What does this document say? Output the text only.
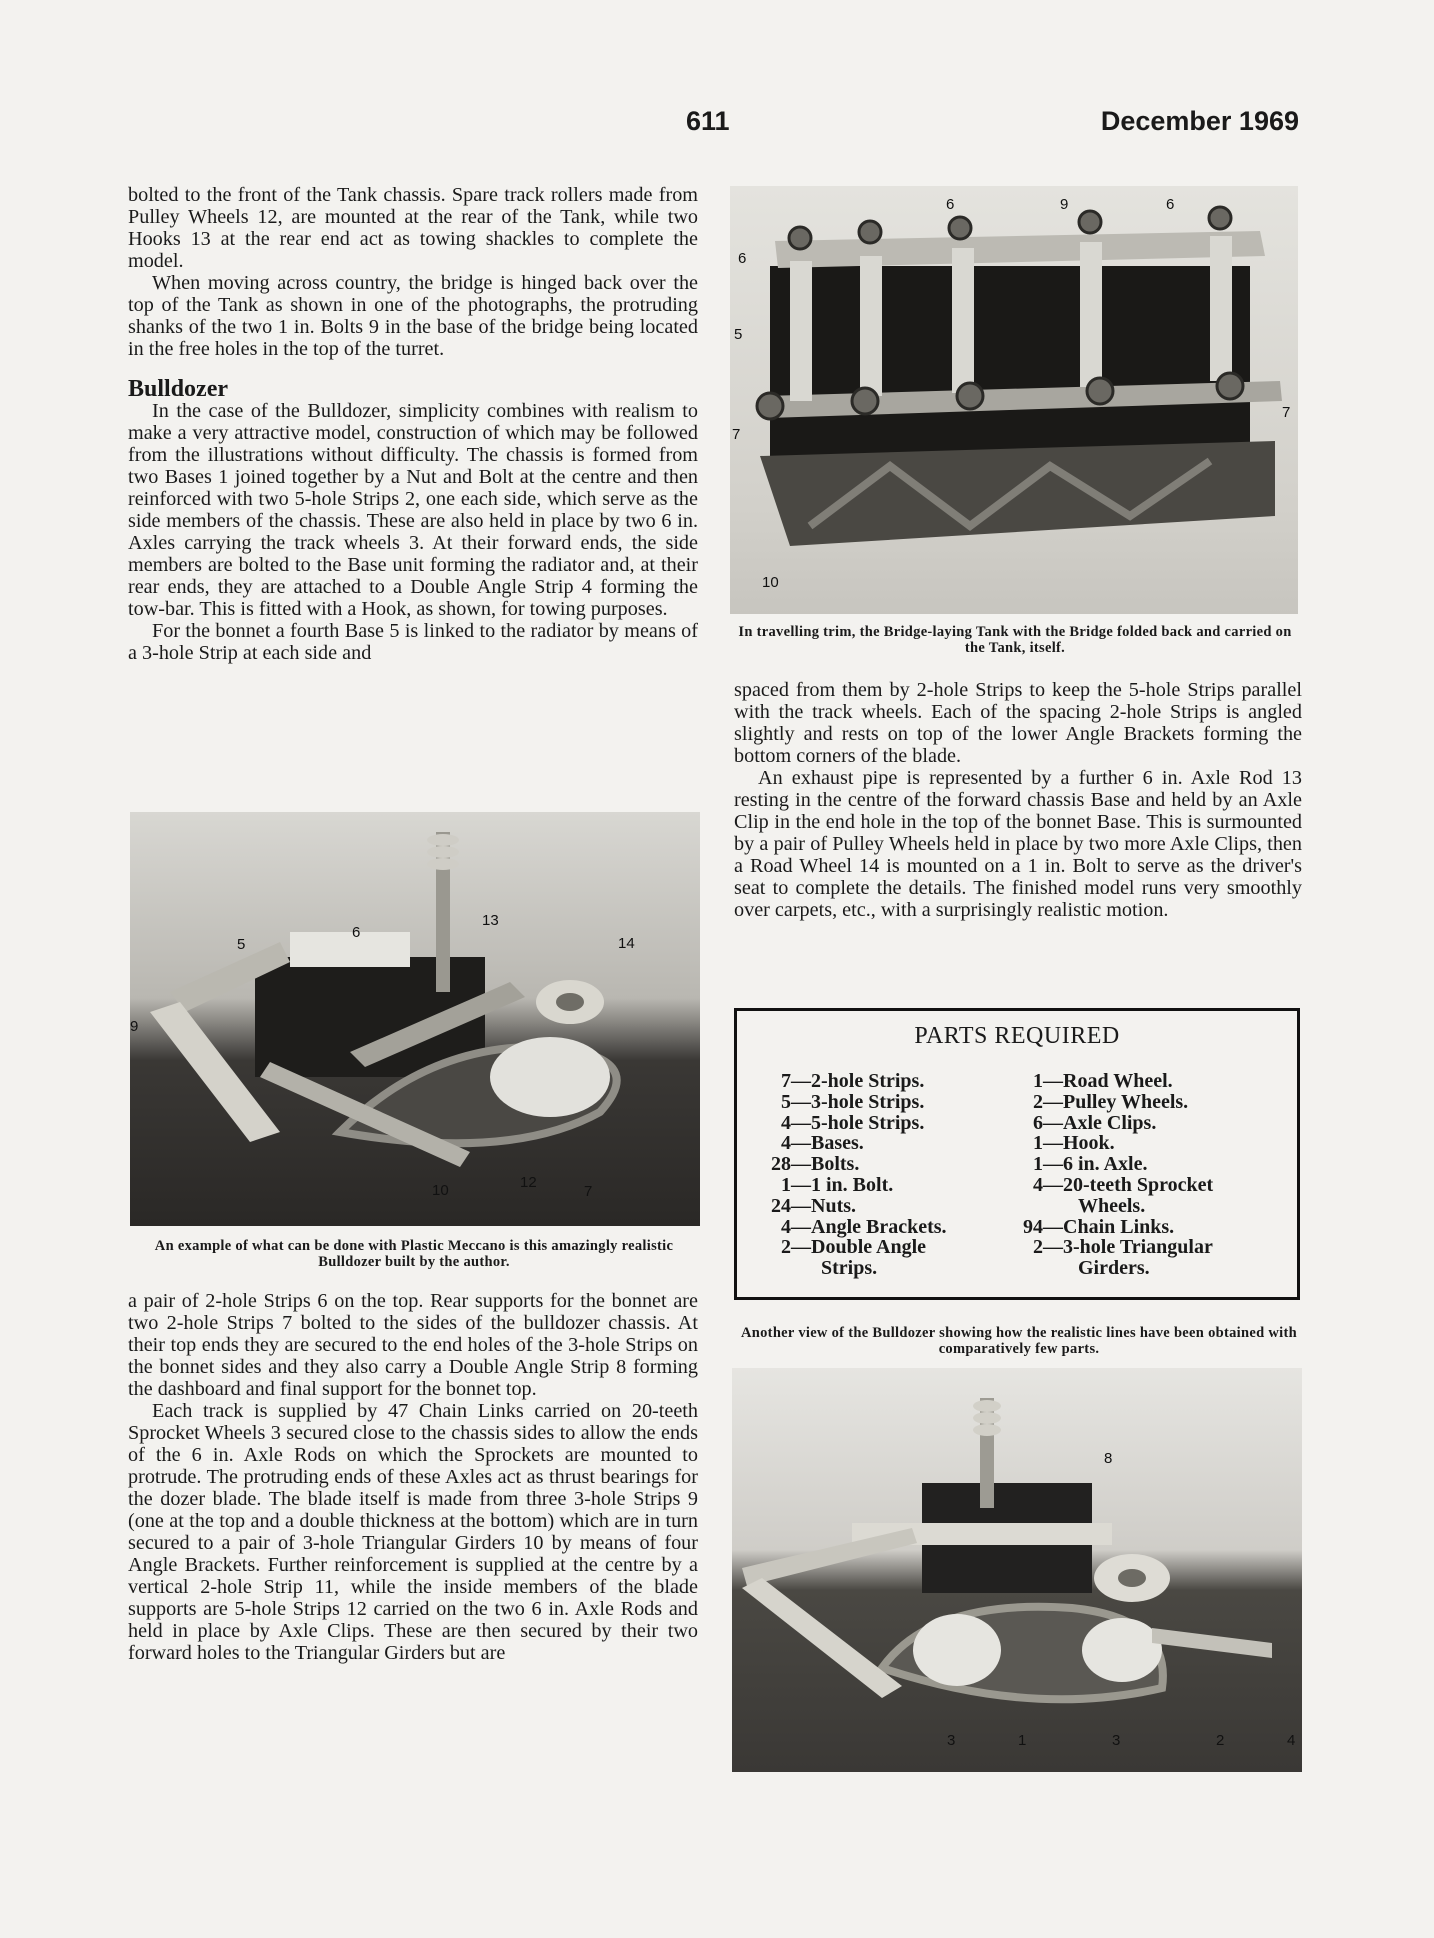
611	December 1969

bolted to the front of the Tank chassis. Spare track rollers made from Pulley Wheels 12, are mounted at the rear of the Tank, while two Hooks 13 at the rear end act as towing shackles to complete the model.

When moving across country, the bridge is hinged back over the top of the Tank as shown in one of the photographs, the protruding shanks of the two 1 in. Bolts 9 in the base of the bridge being located in the free holes in the top of the turret.

Bulldozer

In the case of the Bulldozer, simplicity combines with realism to make a very attractive model, construction of which may be followed from the illustrations without difficulty. The chassis is formed from two Bases 1 joined together by a Nut and Bolt at the centre and then reinforced with two 5-hole Strips 2, one each side, which serve as the side members of the chassis. These are also held in place by two 6 in. Axles carrying the track wheels 3. At their forward ends, the side members are bolted to the Base unit forming the radiator and, at their rear ends, they are attached to a Double Angle Strip 4 forming the tow-bar. This is fitted with a Hook, as shown, for towing purposes.

For the bonnet a fourth Base 5 is linked to the radiator by means of a 3-hole Strip at each side and

6
13
5	14
9
10	12
7
An example of what can be done with Plastic Meccano is this amazingly realistic Bulldozer built by the author.

a pair of 2-hole Strips 6 on the top. Rear supports for the bonnet are two 2-hole Strips 7 bolted to the sides of the bulldozer chassis. At their top ends they are secured to the end holes of the 3-hole Strips on the bonnet sides and they also carry a Double Angle Strip 8 forming the dashboard and final support for the bonnet top.

Each track is supplied by 47 Chain Links carried on 20-teeth Sprocket Wheels 3 secured close to the chassis sides to allow the ends of the 6 in. Axle Rods on which the Sprockets are mounted to protrude. The protruding ends of these Axles act as thrust bearings for the dozer blade. The blade itself is made from three 3-hole Strips 9 (one at the top and a double thickness at the bottom) which are in turn secured to a pair of 3-hole Triangular Girders 10 by means of four Angle Brackets. Further reinforcement is supplied at the centre by a vertical 2-hole Strip 11, while the inside members of the blade supports are 5-hole Strips 12 carried on the two 6 in. Axle Rods and held in place by Axle Clips. These are then secured by their two forward holes to the Triangular Girders but are

6	9	6
6
5
7
7
10
In travelling trim, the Bridge-laying Tank with the Bridge folded back and carried on the Tank, itself.

spaced from them by 2-hole Strips to keep the 5-hole Strips parallel with the track wheels. Each of the spacing 2-hole Strips is angled slightly and rests on top of the lower Angle Brackets forming the bottom corners of the blade.

An exhaust pipe is represented by a further 6 in. Axle Rod 13 resting in the centre of the forward chassis Base and held by an Axle Clip in the end hole in the top of the bonnet Base. This is surmounted by a pair of Pulley Wheels held in place by two more Axle Clips, then a Road Wheel 14 is mounted on a 1 in. Bolt to serve as the driver's seat to complete the details. The finished model runs very smoothly over carpets, etc., with a surprisingly realistic motion.

PARTS REQUIRED
7 — 2-hole Strips.
5 — 3-hole Strips.
4 — 5-hole Strips.
4 — Bases.
28 — Bolts.
1 — 1 in. Bolt.
24 — Nuts.
4 — Angle Brackets.
2 — Double Angle
Strips.
1 — Road Wheel.
2 — Pulley Wheels.
6 — Axle Clips.
1 — Hook.
1 — 6 in. Axle.
4 — 20-teeth Sprocket
Wheels.
94 — Chain Links.
2 — 3-hole Triangular
Girders.
Another view of the Bulldozer showing how the realistic lines have been obtained with comparatively few parts.
8
3	1	3	2	4
